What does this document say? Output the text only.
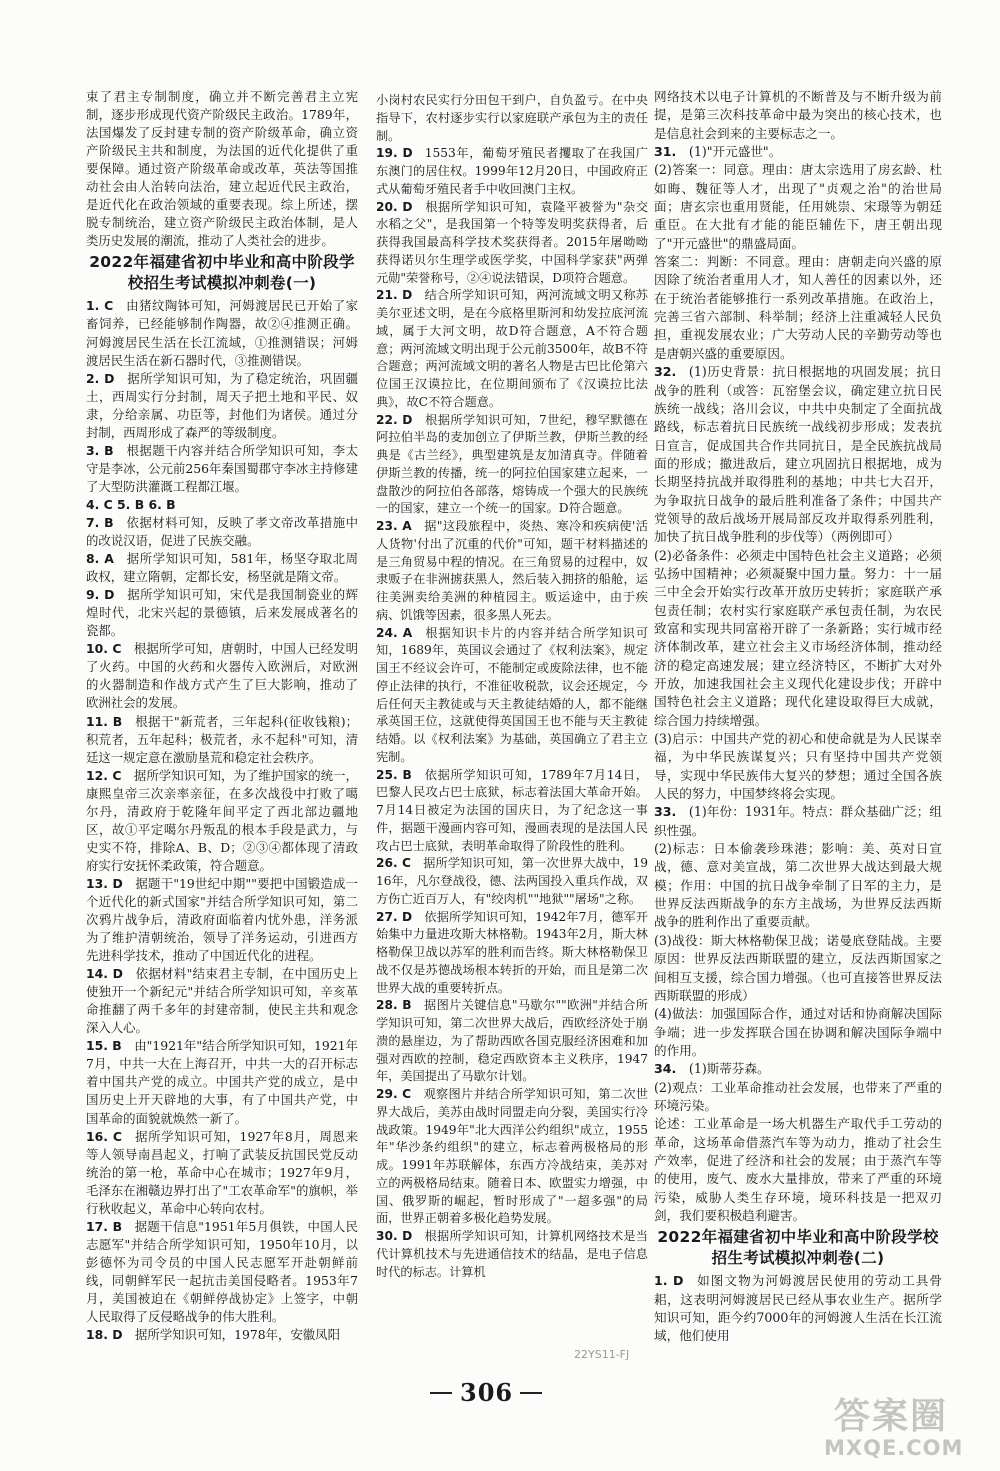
束了君主专制制度，确立并不断完善君主立宪制，逐步形成现代资产阶级民主政治。1789年，法国爆发了反封建专制的资产阶级革命，确立资产阶级民主共和制度，为法国的近代化提供了重要保障。通过资产阶级革命或改革，英法等国推动社会由人治转向法治，建立起近代民主政治，是近代化在政治领域的重要表现。综上所述，摆脱专制统治，建立资产阶级民主政治体制，是人类历史发展的潮流，推动了人类社会的进步。

2022年福建省初中毕业和高中阶段学校招生考试模拟冲刺卷(一)

1. C  由猪纹陶钵可知，河姆渡居民已开始了家畜饲养，已经能够制作陶器，故②④推测正确。河姆渡居民生活在长江流域，①推测错误；河姆渡居民生活在新石器时代，③推测错误。

2. D  据所学知识可知，为了稳定统治，巩固疆土，西周实行分封制，周天子把土地和平民、奴隶，分给亲属、功臣等，封他们为诸侯。通过分封制，西周形成了森严的等级制度。

3. B  根据题干内容并结合所学知识可知，李太守是李冰，公元前256年秦国蜀郡守李冰主持修建了大型防洪灌溉工程都江堰。

4. C 5. B 6. B 

7. B  依据材料可知，反映了孝文帝改革措施中的改说汉语，促进了民族交融。

8. A  据所学知识可知，581年，杨坚夺取北周政权，建立隋朝，定都长安，杨坚就是隋文帝。

9. D  据所学知识可知，宋代是我国制瓷业的辉煌时代，北宋兴起的景德镇，后来发展成著名的瓷都。

10. C  根据所学可知，唐朝时，中国人已经发明了火药。中国的火药和火器传入欧洲后，对欧洲的火器制造和作战方式产生了巨大影响，推动了欧洲社会的发展。

11. B  根据干"新荒者，三年起科(征收钱粮)；积荒者，五年起科；极荒者，永不起科"可知，清廷这一规定意在激励垦荒和稳定社会秩序。

12. C  据所学知识可知，为了维护国家的统一，康熙皇帝三次亲率亲征，在多次战役中打败了噶尔丹，清政府于乾隆年间平定了西北部边疆地区，故①平定噶尔丹叛乱的根本手段是武力，与史实不符，排除A、B、D；②③④都体现了清政府实行安抚怀柔政策，符合题意。

13. D  据题干"19世纪中期""要把中国锻造成一个近代化的新式国家"并结合所学知识可知，第二次鸦片战争后，清政府面临着内忧外患，洋务派为了维护清朝统治，领导了洋务运动，引进西方先进科学技术，推动了中国近代化的进程。

14. D  依据材料"结束君主专制，在中国历史上使独开一个新纪元"并结合所学知识可知，辛亥革命推翻了两千多年的封建帝制，使民主共和观念深入人心。

15. B  由"1921年"结合所学知识可知，1921年7月，中共一大在上海召开，中共一大的召开标志着中国共产党的成立。中国共产党的成立，是中国历史上开天辟地的大事，有了中国共产党，中国革命的面貌就焕然一新了。

16. C  据所学知识可知，1927年8月，周恩来等人领导南昌起义，打响了武装反抗国民党反动统治的第一枪，革命中心在城市；1927年9月，毛泽东在湘赣边界打出了"工农革命军"的旗帜，举行秋收起义，革命中心转向农村。

17. B  据题干信息"1951年5月俱铁，中国人民志愿军"并结合所学知识可知，1950年10月，以彭德怀为司令员的中国人民志愿军开赴朝鲜前线，同朝鲜军民一起抗击美国侵略者。1953年7月，美国被迫在《朝鲜停战协定》上签字，中朝人民取得了反侵略战争的伟大胜利。

18. D  据所学知识可知，1978年，安徽凤阳

小岗村农民实行分田包干到户，自负盈亏。在中央指导下，农村逐步实行以家庭联产承包为主的责任制。

19. D  1553年，葡萄牙殖民者攫取了在我国广东澳门的居住权。1999年12月20日，中国政府正式从葡萄牙殖民者手中收回澳门主权。

20. D  根据所学知识可知，袁隆平被誉为"杂交水稻之父"，是我国第一个特等发明奖获得者，后获得我国最高科学技术奖获得者。2015年屠呦呦获得诺贝尔生理学或医学奖，中国科学家获"两弹元勋"荣誉称号，②④说法错误，D项符合题意。

21. D  结合所学知识可知，两河流域文明又称苏美尔亚述文明，是在今底格里斯河和幼发拉底河流域，属于大河文明，故D符合题意，A不符合题意；两河流域文明出现于公元前3500年，故B不符合题意；两河流域文明的著名人物是古巴比伦第六位国王汉谟拉比，在位期间颁布了《汉谟拉比法典》，故C不符合题意。

22. D  根据所学知识可知，7世纪，穆罕默德在阿拉伯半岛的麦加创立了伊斯兰教，伊斯兰教的经典是《古兰经》，典型建筑是友加清真寺。伴随着伊斯兰教的传播，统一的阿拉伯国家建立起来，一盘散沙的阿拉伯各部落，熔铸成一个强大的民族统一的国家，建立一个统一的国家。D符合题意。

23. A  据"这段旅程中，炎热、寒冷和疾病使'活人货物'付出了沉重的代价"可知，题干材料描述的是三角贸易中程的情况。在三角贸易的过程中，奴隶贩子在非洲掳获黑人，然后装入拥挤的船舱，运往美洲卖给美洲的种植园主。贩运途中，由于疾病、饥饿等因素，很多黑人死去。

24. A  根据知识卡片的内容并结合所学知识可知，1689年，英国议会通过了《权利法案》，规定国王不经议会许可，不能制定或废除法律，也不能停止法律的执行，不准征收税款，议会还规定，今后任何天主教徒或与天主教徒结婚的人，都不能继承英国王位，这就使得英国国王也不能与天主教徒结婚。以《权利法案》为基础，英国确立了君主立宪制。

25. B  依据所学知识可知，1789年7月14日，巴黎人民攻占巴士底狱，标志着法国大革命开始。7月14日被定为法国的国庆日，为了纪念这一事件，据题干漫画内容可知，漫画表现的是法国人民攻占巴士底狱，表明革命取得了阶段性的胜利。

26. C  据所学知识可知，第一次世界大战中，1916年，凡尔登战役，德、法两国投入重兵作战，双方伤亡近百万人，有"绞肉机""地狱""屠场"之称。

27. D  依据所学知识可知，1942年7月，德军开始集中力量进攻斯大林格勒。1943年2月，斯大林格勒保卫战以苏军的胜利而告终。斯大林格勒保卫战不仅是苏德战场根本转折的开始，而且是第二次世界大战的重要转折点。

28. B  据图片关键信息"马歇尔""欧洲"并结合所学知识可知，第二次世界大战后，西欧经济处于崩溃的悬崖边，为了帮助西欧各国克服经济困难和加强对西欧的控制，稳定西欧资本主义秩序，1947年，美国提出了马歇尔计划。

29. C  观察图片并结合所学知识可知，第二次世界大战后，美苏由战时同盟走向分裂，美国实行冷战政策。1949年"北大西洋公约组织"成立，1955年"华沙条约组织"的建立，标志着两极格局的形成。1991年苏联解体，东西方冷战结束，美苏对立的两极格局结束。随着日本、欧盟实力增强，中国、俄罗斯的崛起，暂时形成了"一超多强"的局面，世界正朝着多极化趋势发展。

30. D  根据所学知识可知，计算机网络技术是当代计算机技术与先进通信技术的结晶，是电子信息时代的标志。计算机

网络技术以电子计算机的不断普及与不断升级为前提，是第三次科技革命中最为突出的核心技术，也是信息社会到来的主要标志之一。

31.  (1)"开元盛世"。

(2)答案一：同意。理由：唐太宗选用了房玄龄、杜如晦、魏征等人才，出现了"贞观之治"的治世局面；唐玄宗也重用贤能，任用姚崇、宋璟等为朝廷重臣。在大批有才能的能臣辅佐下，唐王朝出现了"开元盛世"的鼎盛局面。

答案二：判断：不同意。理由：唐朝走向兴盛的原因除了统治者重用人才，知人善任的因素以外，还在于统治者能够推行一系列改革措施。在政治上，完善三省六部制、科举制；经济上注重减轻人民负担，重视发展农业；广大劳动人民的辛勤劳动等也是唐朝兴盛的重要原因。

32.  (1)历史背景：抗日根据地的巩固发展；抗日战争的胜利（或答：瓦窑堡会议，确定建立抗日民族统一战线；洛川会议，中共中央制定了全面抗战路线，标志着抗日民族统一战线初步形成；发表抗日宣言，促成国共合作共同抗日，是全民族抗战局面的形成；撤进敌后，建立巩固抗日根据地，成为长期坚持抗战并取得胜利的基地；中共七大召开，为争取抗日战争的最后胜利准备了条件；中国共产党领导的敌后战场开展局部反攻并取得系列胜利，加快了抗日战争胜利的步伐等）（两例即可）

(2)必备条件：必须走中国特色社会主义道路；必须弘扬中国精神；必须凝聚中国力量。努力：十一届三中全会开始实行改革开放历史转折；家庭联产承包责任制；农村实行家庭联产承包责任制，为农民致富和实现共同富裕开辟了一条新路；实行城市经济体制改革，建立社会主义市场经济体制，推动经济的稳定高速发展；建立经济特区，不断扩大对外开放，加速我国社会主义现代化建设步伐；开辟中国特色社会主义道路；现代化建设取得巨大成就，综合国力持续增强。

(3)启示：中国共产党的初心和使命就是为人民谋幸福，为中华民族谋复兴；只有坚持中国共产党领导，实现中华民族伟大复兴的梦想；通过全国各族人民的努力，中国梦终将会实现。

33.  (1)年份：1931年。特点：群众基础广泛；组织性强。

(2)标志：日本偷袭珍珠港；影响：美、英对日宣战，德、意对美宣战，第二次世界大战达到最大规模；作用：中国的抗日战争牵制了日军的主力，是世界反法西斯战争的东方主战场，为世界反法西斯战争的胜利作出了重要贡献。

(3)战役：斯大林格勒保卫战；诺曼底登陆战。主要原因：世界反法西斯联盟的建立，反法西斯国家之间相互支援，综合国力增强。（也可直接答世界反法西斯联盟的形成）

(4)做法：加强国际合作，通过对话和协商解决国际争端；进一步发挥联合国在协调和解决国际争端中的作用。

34.  (1)斯蒂芬森。

(2)观点：工业革命推动社会发展，也带来了严重的环境污染。

论述：工业革命是一场大机器生产取代手工劳动的革命，这场革命借蒸汽车等为动力，推动了社会生产效率，促进了经济和社会的发展；由于蒸汽车等的使用，废气、废水大量排放，带来了严重的环境污染，威胁人类生存环境，境环科技是一把双刃剑，我们要积极趋利避害。

2022年福建省初中毕业和高中阶段学校招生考试模拟冲刺卷(二)

1. D  如图文物为河姆渡居民使用的劳动工具骨耜，这表明河姆渡居民已经从事农业生产。据所学知识可知，距今约7000年的河姆渡人生活在长江流域，他们使用

22YS11-FJ
306
答案圈
MXQE.COM
